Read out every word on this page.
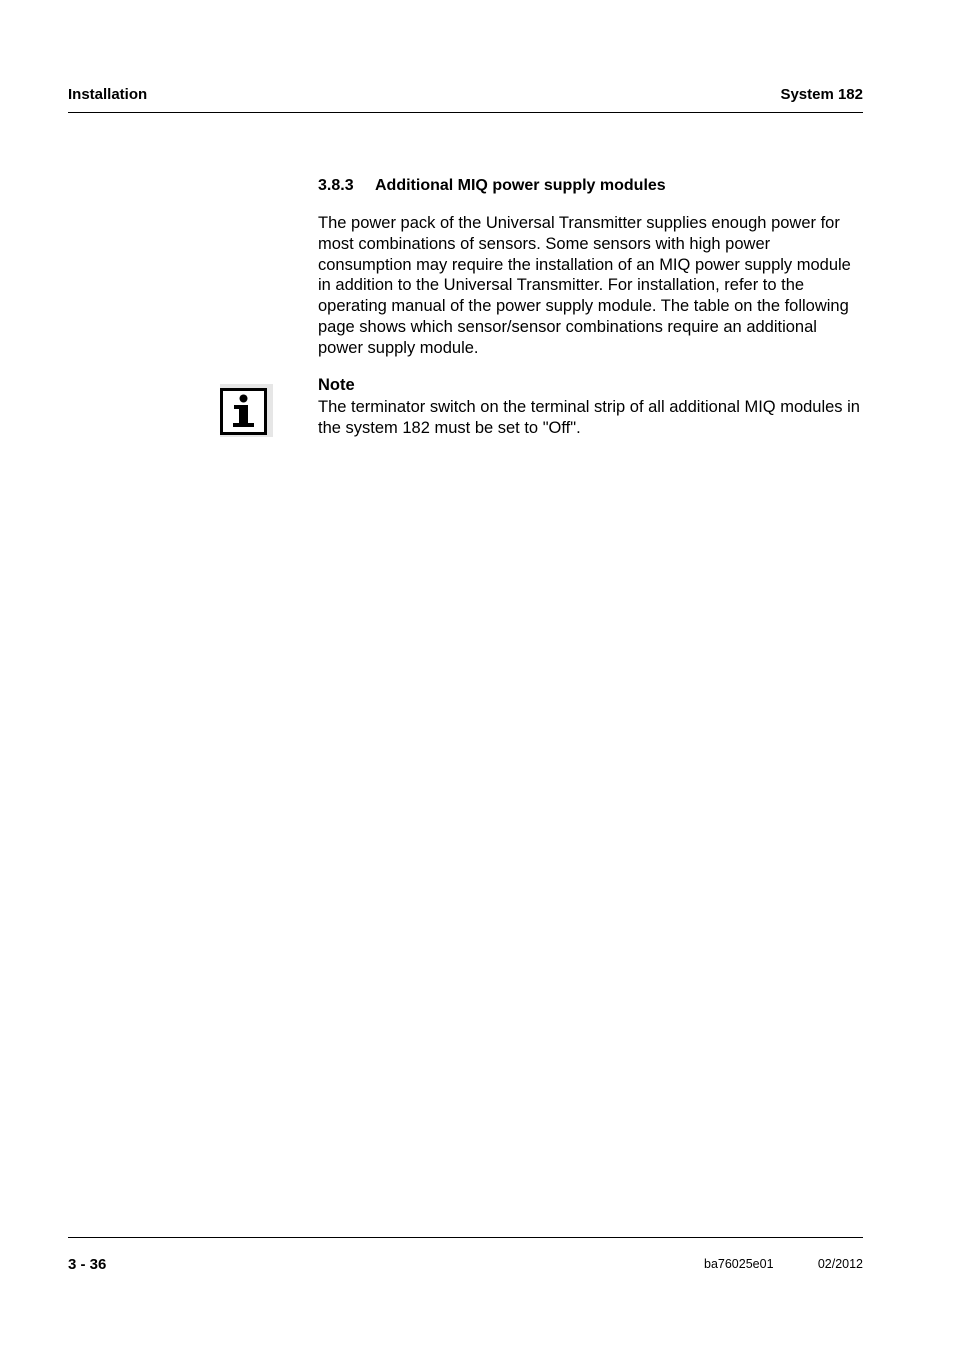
Installation	System 182
3.8.3 Additional MIQ power supply modules

The power pack of the Universal Transmitter supplies enough power for most combinations of sensors. Some sensors with high power consumption may require the installation of an MIQ power supply module in addition to the Universal Transmitter. For installation, refer to the operating manual of the power supply module. The table on the following page shows which sensor/sensor combinations require an additional power supply module.

Note

The terminator switch on the terminal strip of all additional MIQ modules in the system 182 must be set to "Off".

3 - 36	ba76025e01	02/2012
